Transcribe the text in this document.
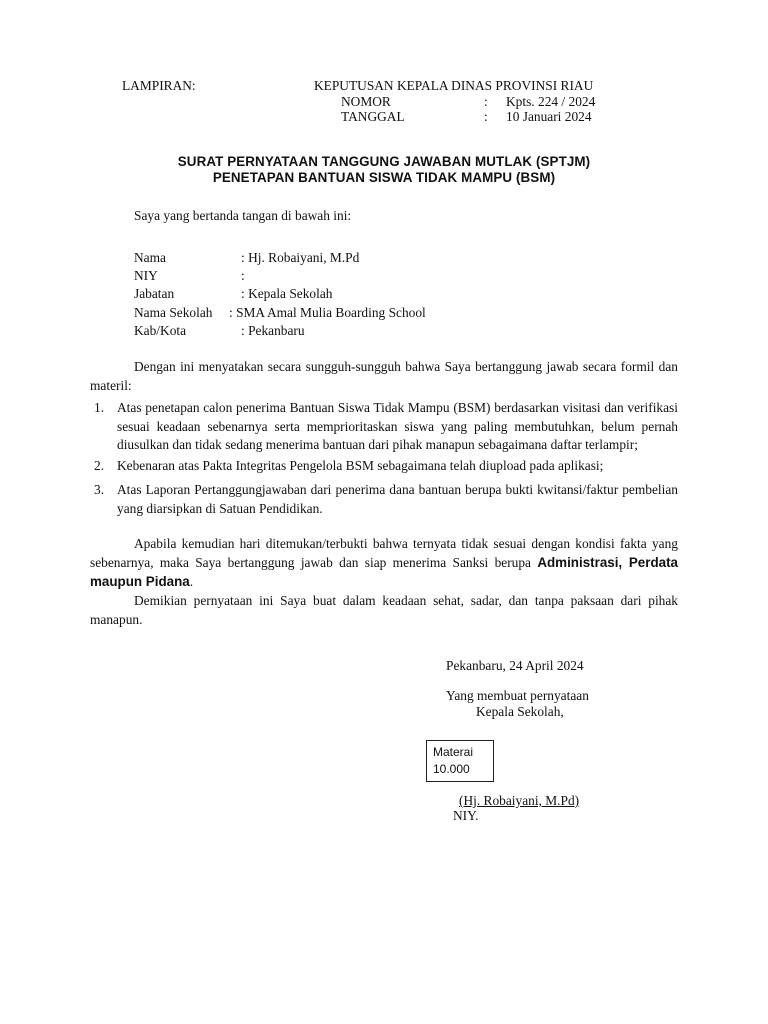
LAMPIRAN:	KEPUTUSAN KEPALA DINAS PROVINSI RIAU
NOMOR	: Kpts. 224 / 2024
TANGGAL	: 10 Januari 2024
SURAT PERNYATAAN TANGGUNG JAWABAN MUTLAK (SPTJM)
PENETAPAN BANTUAN SISWA TIDAK MAMPU (BSM)
Saya yang bertanda tangan di bawah ini:
Nama	: Hj. Robaiyani, M.Pd
NIY	:
Jabatan	: Kepala Sekolah
Nama Sekolah : SMA Amal Mulia Boarding School
Kab/Kota	: Pekanbaru
Dengan ini menyatakan secara sungguh-sungguh bahwa Saya bertanggung jawab secara formil dan materil:
1. Atas penetapan calon penerima Bantuan Siswa Tidak Mampu (BSM) berdasarkan visitasi dan verifikasi sesuai keadaan sebenarnya serta memprioritaskan siswa yang paling membutuhkan, belum pernah diusulkan dan tidak sedang menerima bantuan dari pihak manapun sebagaimana daftar terlampir;
2. Kebenaran atas Pakta Integritas Pengelola BSM sebagaimana telah diupload pada aplikasi;
3. Atas Laporan Pertanggungjawaban dari penerima dana bantuan berupa bukti kwitansi/faktur pembelian yang diarsipkan di Satuan Pendidikan.
Apabila kemudian hari ditemukan/terbukti bahwa ternyata tidak sesuai dengan kondisi fakta yang sebenarnya, maka Saya bertanggung jawab dan siap menerima Sanksi berupa Administrasi, Perdata maupun Pidana.
Demikian pernyataan ini Saya buat dalam keadaan sehat, sadar, dan tanpa paksaan dari pihak manapun.
Pekanbaru, 24 April 2024
Yang membuat pernyataan
Kepala Sekolah,
Materai
10.000
(Hj. Robaiyani, M.Pd)
NIY.
